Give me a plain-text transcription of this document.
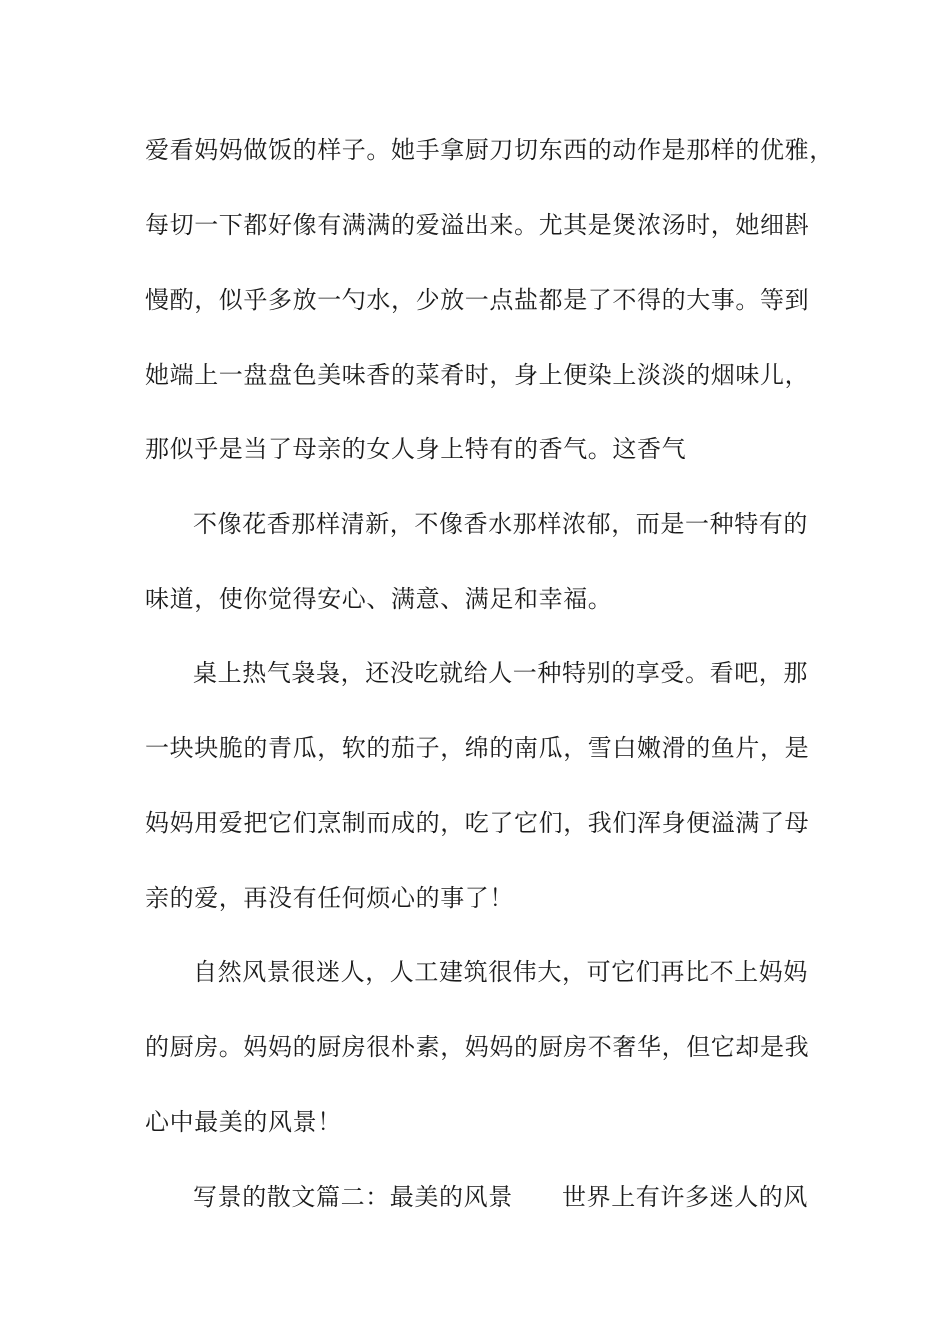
爱看妈妈做饭的样子。她手拿厨刀切东西的动作是那样的优雅，
每切一下都好像有满满的爱溢出来。尤其是煲浓汤时，她细斟
慢酌，似乎多放一勺水，少放一点盐都是了不得的大事。等到
她端上一盘盘色美味香的菜肴时，身上便染上淡淡的烟味儿，
那似乎是当了母亲的女人身上特有的香气。这香气
不像花香那样清新，不像香水那样浓郁，而是一种特有的
味道，使你觉得安心、满意、满足和幸福。
桌上热气袅袅，还没吃就给人一种特别的享受。看吧，那
一块块脆的青瓜，软的茄子，绵的南瓜，雪白嫩滑的鱼片，是
妈妈用爱把它们烹制而成的，吃了它们，我们浑身便溢满了母
亲的爱，再没有任何烦心的事了！
自然风景很迷人，人工建筑很伟大，可它们再比不上妈妈
的厨房。妈妈的厨房很朴素，妈妈的厨房不奢华，但它却是我
心中最美的风景！
写景的散文篇二：最美的风景　　世界上有许多迷人的风
